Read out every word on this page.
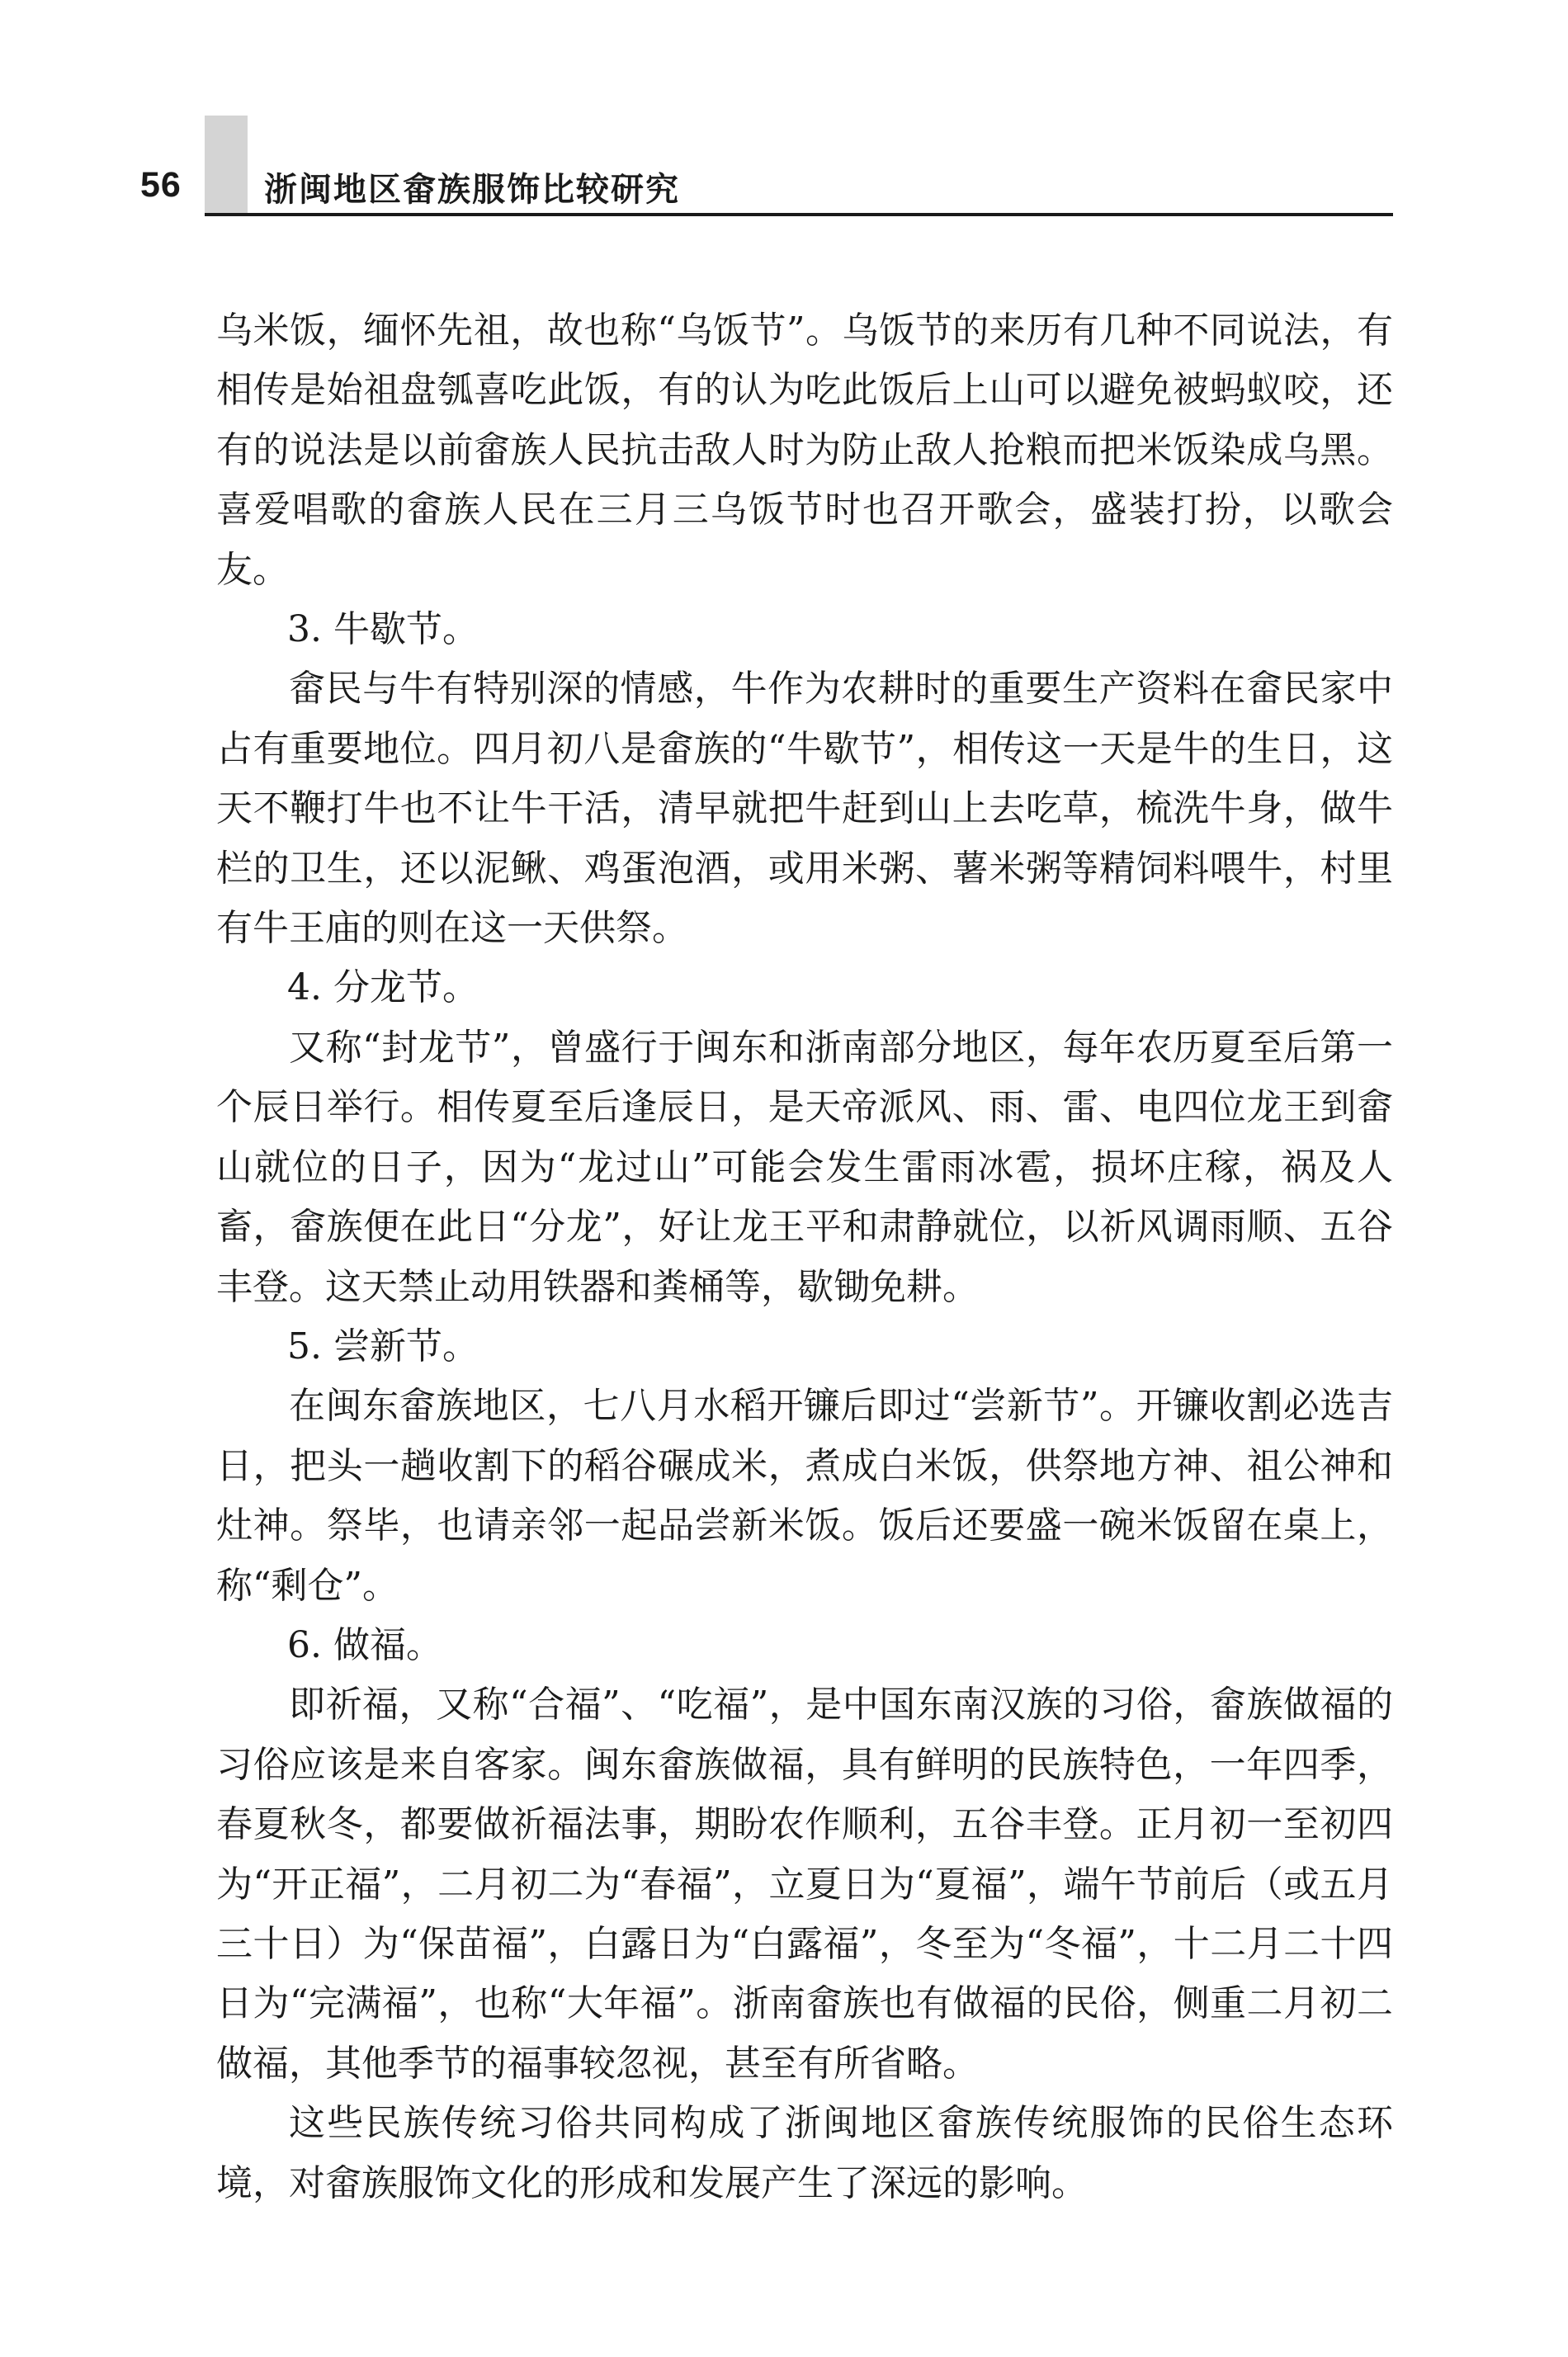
56	浙闽地区畲族服饰比较研究

乌米饭，缅怀先祖，故也称“乌饭节”。乌饭节的来历有几种不同说法，有相传是始祖盘瓠喜吃此饭，有的认为吃此饭后上山可以避免被蚂蚁咬，还有的说法是以前畲族人民抗击敌人时为防止敌人抢粮而把米饭染成乌黑。喜爱唱歌的畲族人民在三月三乌饭节时也召开歌会，盛装打扮，以歌会友。

3. 牛歇节。

畲民与牛有特别深的情感，牛作为农耕时的重要生产资料在畲民家中占有重要地位。四月初八是畲族的“牛歇节”，相传这一天是牛的生日，这天不鞭打牛也不让牛干活，清早就把牛赶到山上去吃草，梳洗牛身，做牛栏的卫生，还以泥鳅、鸡蛋泡酒，或用米粥、薯米粥等精饲料喂牛，村里有牛王庙的则在这一天供祭。

4. 分龙节。

又称“封龙节”，曾盛行于闽东和浙南部分地区，每年农历夏至后第一个辰日举行。相传夏至后逢辰日，是天帝派风、雨、雷、电四位龙王到畲山就位的日子，因为“龙过山”可能会发生雷雨冰雹，损坏庄稼，祸及人畜，畲族便在此日“分龙”，好让龙王平和肃静就位，以祈风调雨顺、五谷丰登。这天禁止动用铁器和粪桶等，歇锄免耕。

5. 尝新节。

在闽东畲族地区，七八月水稻开镰后即过“尝新节”。开镰收割必选吉日，把头一趟收割下的稻谷碾成米，煮成白米饭，供祭地方神、祖公神和灶神。祭毕，也请亲邻一起品尝新米饭。饭后还要盛一碗米饭留在桌上，称“剩仓”。

6. 做福。

即祈福，又称“合福”、“吃福”，是中国东南汉族的习俗，畲族做福的习俗应该是来自客家。闽东畲族做福，具有鲜明的民族特色，一年四季，春夏秋冬，都要做祈福法事，期盼农作顺利，五谷丰登。正月初一至初四为“开正福”，二月初二为“春福”，立夏日为“夏福”，端午节前后（或五月三十日）为“保苗福”，白露日为“白露福”，冬至为“冬福”，十二月二十四日为“完满福”，也称“大年福”。浙南畲族也有做福的民俗，侧重二月初二做福，其他季节的福事较忽视，甚至有所省略。

这些民族传统习俗共同构成了浙闽地区畲族传统服饰的民俗生态环境，对畲族服饰文化的形成和发展产生了深远的影响。
